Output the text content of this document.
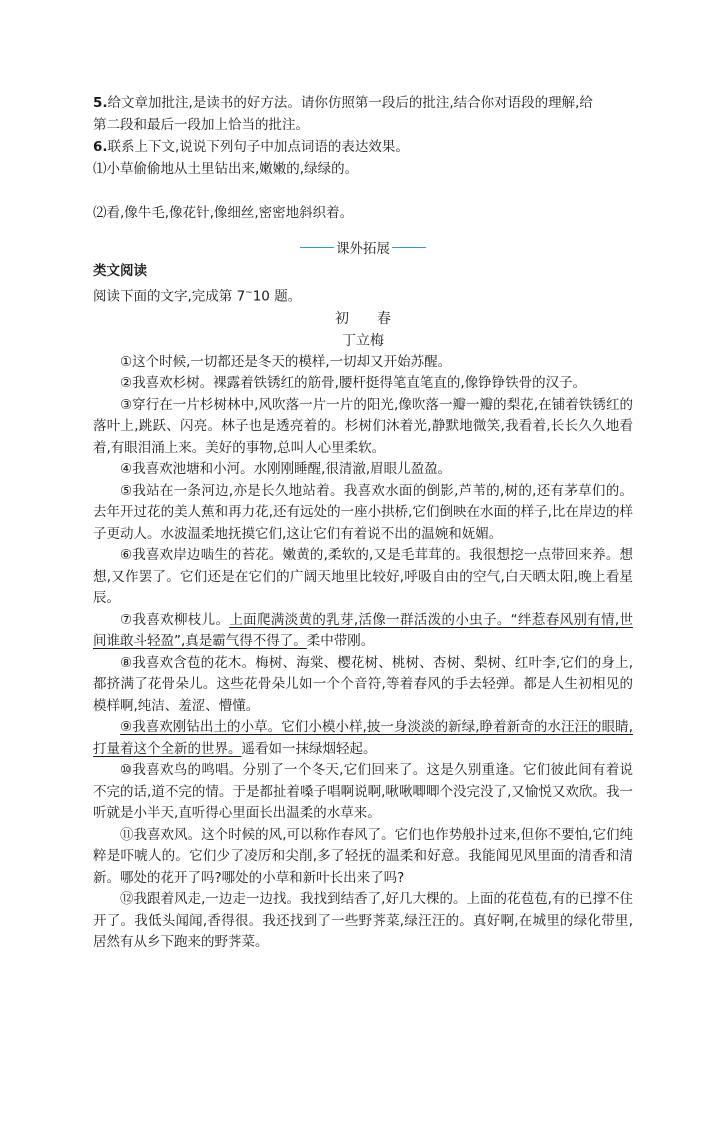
5.给文章加批注,是读书的好方法。请你仿照第一段后的批注,结合你对语段的理解,给
第二段和最后一段加上恰当的批注。
6.联系上下文,说说下列句子中加点词语的表达效果。
⑴小草偷偷地从土里钻出来,嫩嫩的,绿绿的。
⑵看,像牛毛,像花针,像细丝,密密地斜织着。
课外拓展
类文阅读
阅读下面的文字,完成第 7~10 题。
初 春
丁立梅
①这个时候,一切都还是冬天的模样,一切却又开始苏醒。
②我喜欢杉树。裸露着铁锈红的筋骨,腰杆挺得笔直笔直的,像铮铮铁骨的汉子。
③穿行在一片杉树林中,风吹落一片一片的阳光,像吹落一瓣一瓣的梨花,在铺着铁锈红的落叶上,跳跃、闪亮。林子也是透亮着的。杉树们沐着光,静默地微笑,我看着,长长久久地看着,有眼泪涌上来。美好的事物,总叫人心里柔软。
④我喜欢池塘和小河。水刚刚睡醒,很清澈,眉眼儿盈盈。
⑤我站在一条河边,亦是长久地站着。我喜欢水面的倒影,芦苇的,树的,还有茅草们的。去年开过花的美人蕉和再力花,还有远处的一座小拱桥,它们倒映在水面的样子,比在岸边的样子更动人。水波温柔地抚摸它们,这让它们有着说不出的温婉和妩媚。
⑥我喜欢岸边啮生的苔花。嫩黄的,柔软的,又是毛茸茸的。我很想挖一点带回来养。想想,又作罢了。它们还是在它们的广阔天地里比较好,呼吸自由的空气,白天晒太阳,晚上看星辰。
⑦我喜欢柳枝儿。上面爬满淡黄的乳芽,活像一群活泼的小虫子。“绊惹春风别有情,世间谁敢斗轻盈”,真是霸气得不得了。柔中带刚。
⑧我喜欢含苞的花木。梅树、海棠、樱花树、桃树、杏树、梨树、红叶李,它们的身上,都挤满了花骨朵儿。这些花骨朵儿如一个个音符,等着春风的手去轻弹。都是人生初相见的模样啊,纯洁、羞涩、懵懂。
⑨我喜欢刚钻出土的小草。它们小模小样,披一身淡淡的新绿,睁着新奇的水汪汪的眼睛,打量着这个全新的世界。遥看如一抹绿烟轻起。
⑩我喜欢鸟的鸣唱。分别了一个冬天,它们回来了。这是久别重逢。它们彼此间有着说不完的话,道不完的情。于是都扯着嗓子唱啊说啊,啾啾唧唧个没完没了,又愉悦又欢欣。我一听就是小半天,直听得心里面长出温柔的水草来。
⑪我喜欢风。这个时候的风,可以称作春风了。它们也作势般扑过来,但你不要怕,它们纯粹是吓唬人的。它们少了凌厉和尖削,多了轻抚的温柔和好意。我能闻见风里面的清香和清新。哪处的花开了吗?哪处的小草和新叶长出来了吗?
⑫我跟着风走,一边走一边找。我找到结香了,好几大棵的。上面的花苞苞,有的已撑不住开了。我低头闻闻,香得很。我还找到了一些野荠菜,绿汪汪的。真好啊,在城里的绿化带里,居然有从乡下跑来的野荠菜。
